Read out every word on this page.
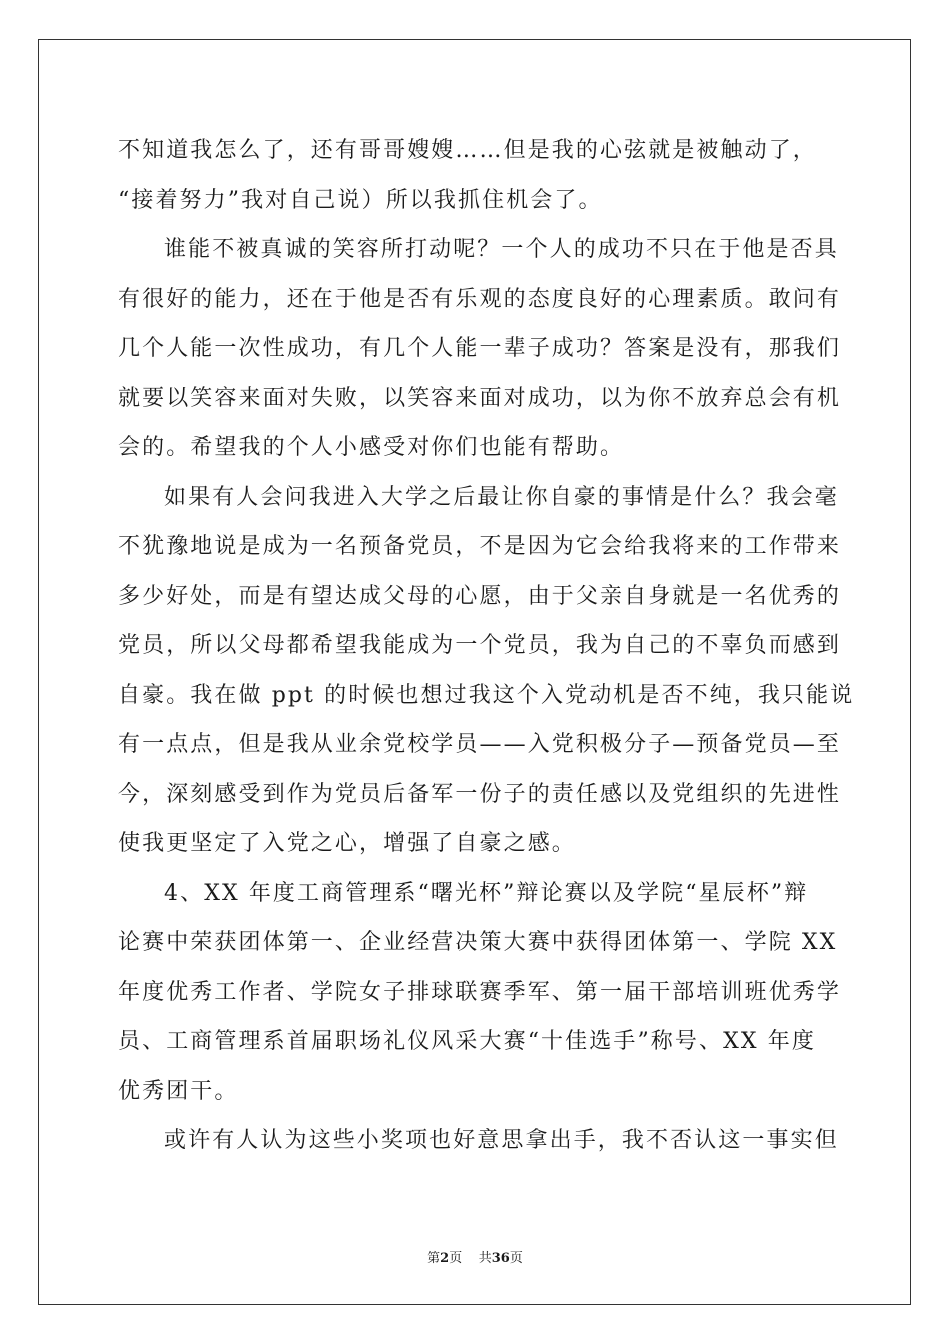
不知道我怎么了，还有哥哥嫂嫂……但是我的心弦就是被触动了，
“接着努力”我对自己说）所以我抓住机会了。
谁能不被真诚的笑容所打动呢？一个人的成功不只在于他是否具
有很好的能力，还在于他是否有乐观的态度良好的心理素质。敢问有
几个人能一次性成功，有几个人能一辈子成功？答案是没有，那我们
就要以笑容来面对失败，以笑容来面对成功，以为你不放弃总会有机
会的。希望我的个人小感受对你们也能有帮助。
如果有人会问我进入大学之后最让你自豪的事情是什么？我会毫
不犹豫地说是成为一名预备党员，不是因为它会给我将来的工作带来
多少好处，而是有望达成父母的心愿，由于父亲自身就是一名优秀的
党员，所以父母都希望我能成为一个党员，我为自己的不辜负而感到
自豪。我在做 ppt 的时候也想过我这个入党动机是否不纯，我只能说
有一点点，但是我从业余党校学员——入党积极分子—预备党员—至
今，深刻感受到作为党员后备军一份子的责任感以及党组织的先进性
使我更坚定了入党之心，增强了自豪之感。
4、XX 年度工商管理系“曙光杯”辩论赛以及学院“星辰杯”辩
论赛中荣获团体第一、企业经营决策大赛中获得团体第一、学院 XX
年度优秀工作者、学院女子排球联赛季军、第一届干部培训班优秀学
员、工商管理系首届职场礼仪风采大赛“十佳选手”称号、XX 年度
优秀团干。
或许有人认为这些小奖项也好意思拿出手，我不否认这一事实但
第2页 共36页
